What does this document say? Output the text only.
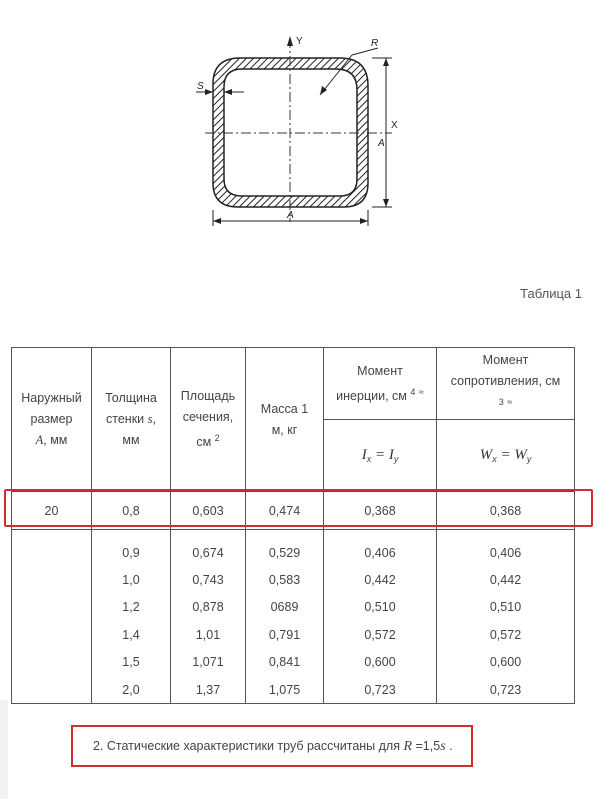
Y	R
S
X
A
A
Таблица 1
Наружный
размер
A, мм	Толщина
стенки s,
мм	Площадь
сечения,
см $^2$	Масса 1
м, кг	Момент
инерции, см $^4$ ≈	Момент
сопротивления, см
$^3$ ≈

				$I_x = I_y$	$W_x = W_y$
20	0,8	0,603	0,474	0,368	0,368

	0,9	0,674	0,529	0,406	0,406
	1,0	0,743	0,583	0,442	0,442
	1,2	0,878	0689	0,510	0,510
	1,4	1,01	0,791	0,572	0,572
	1,5	1,071	0,841	0,600	0,600
	2,0	1,37	1,075	0,723	0,723
2. Статические характеристики труб рассчитаны для R =1,5s .
